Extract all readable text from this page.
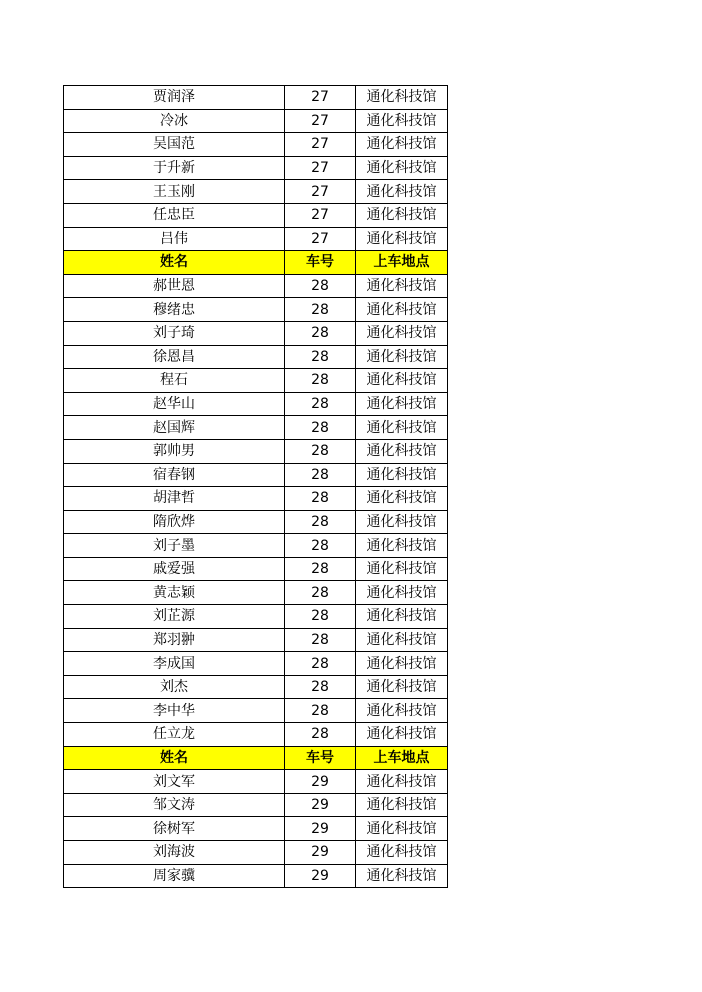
贾润泽	27	通化科技馆
冷冰	27	通化科技馆
吴国范	27	通化科技馆
于升新	27	通化科技馆
王玉刚	27	通化科技馆
任忠臣	27	通化科技馆
吕伟	27	通化科技馆
姓名	车号	上车地点
郝世恩	28	通化科技馆
穆绪忠	28	通化科技馆
刘子琦	28	通化科技馆
徐恩昌	28	通化科技馆
程石	28	通化科技馆
赵华山	28	通化科技馆
赵国辉	28	通化科技馆
郭帅男	28	通化科技馆
宿春钢	28	通化科技馆
胡津哲	28	通化科技馆
隋欣烨	28	通化科技馆
刘子墨	28	通化科技馆
戚爱强	28	通化科技馆
黄志颖	28	通化科技馆
刘芷源	28	通化科技馆
郑羽翀	28	通化科技馆
李成国	28	通化科技馆
刘杰	28	通化科技馆
李中华	28	通化科技馆
任立龙	28	通化科技馆
姓名	车号	上车地点
刘文军	29	通化科技馆
邹文涛	29	通化科技馆
徐树军	29	通化科技馆
刘海波	29	通化科技馆
周家骥	29	通化科技馆
